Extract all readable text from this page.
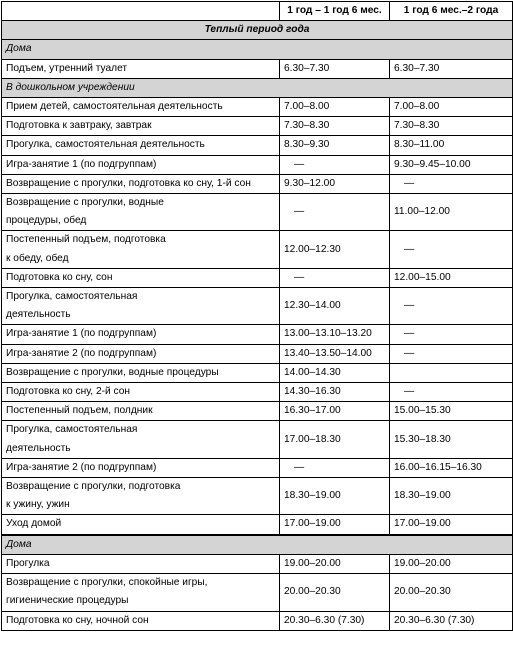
	1 год – 1 год 6 мес.	1 год 6 мес.–2 года
Теплый период года		
Дома		
Подъем, утренний туалет	6.30–7.30	6.30–7.30
В дошкольном учреждении		
Прием детей, самостоятельная деятельность	7.00–8.00	7.00–8.00
Подготовка к завтраку, завтрак	7.30–8.30	7.30–8.30
Прогулка, самостоятельная деятельность	8.30–9.30	8.30–11.00
Игра-занятие 1 (по подгруппам)	—	9.30–9.45–10.00
Возвращение с прогулки, подготовка ко сну, 1-й сон	9.30–12.00	—

Возвращение с прогулки, водные
процедуры, обед	—	11.00–12.00

Постепенный подъем, подготовка
к обеду, обед	12.00–12.30	—
Подготовка ко сну, сон	—	12.00–15.00

Прогулка, самостоятельная
деятельность	12.30–14.00	—
Игра-занятие 1 (по подгруппам)	13.00–13.10–13.20	—
Игра-занятие 2 (по подгруппам)	13.40–13.50–14.00	—
Возвращение с прогулки, водные процедуры	14.00–14.30	
Подготовка ко сну, 2-й сон	14.30–16.30	—
Постепенный подъем, полдник	16.30–17.00	15.00–15.30

Прогулка, самостоятельная
деятельность	17.00–18.30	15.30–18.30
Игра-занятие 2 (по подгруппам)	—	16.00–16.15–16.30

Возвращение с прогулки, подготовка
к ужину, ужин	18.30–19.00	18.30–19.00
Уход домой	17.00–19.00	17.00–19.00

Дома		
Прогулка	19.00–20.00	19.00–20.00

Возвращение с прогулки, спокойные игры,
гигиенические процедуры	20.00–20.30	20.00–20.30
Подготовка ко сну, ночной сон	20.30–6.30 (7.30)	20.30–6.30 (7.30)
